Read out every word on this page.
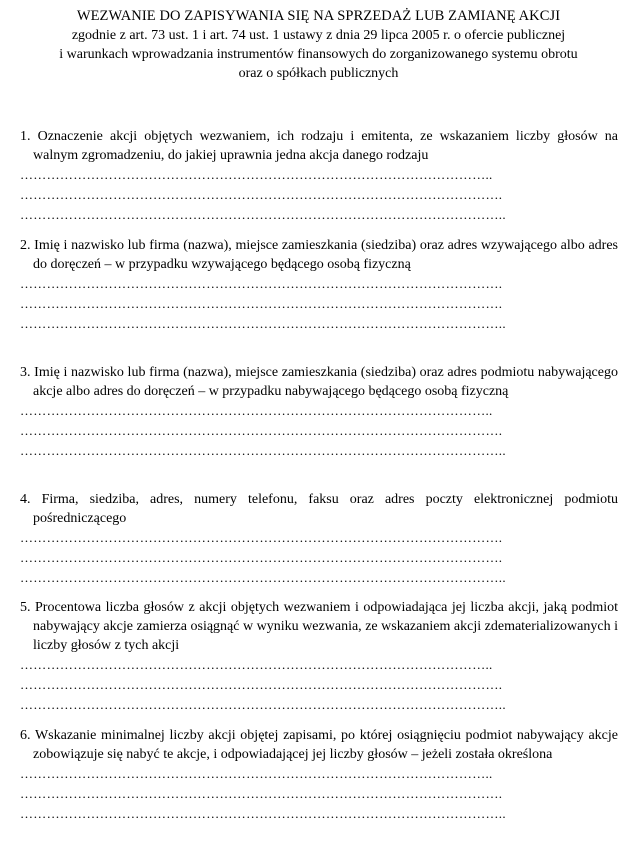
WEZWANIE DO ZAPISYWANIA SIĘ NA SPRZEDAŻ LUB ZAMIANĘ AKCJI
zgodnie z art. 73 ust. 1 i art. 74 ust. 1 ustawy z dnia 29 lipca 2005 r. o ofercie publicznej
i warunkach wprowadzania instrumentów finansowych do zorganizowanego systemu obrotu
oraz o spółkach publicznych
1. Oznaczenie akcji objętych wezwaniem, ich rodzaju i emitenta, ze wskazaniem liczby głosów na walnym zgromadzeniu, do jakiej uprawnia jedna akcja danego rodzaju
……………………………………………………………………………………………..
……………………………………………………………………………………………….
………………………………………………………………………………………………..
2. Imię i nazwisko lub firma (nazwa), miejsce zamieszkania (siedziba) oraz adres wzywającego albo adres do doręczeń – w przypadku wzywającego będącego osobą fizyczną
……………………………………………………………………………………………….
……………………………………………………………………………………………….
………………………………………………………………………………………………..
3. Imię i nazwisko lub firma (nazwa), miejsce zamieszkania (siedziba) oraz adres podmiotu nabywającego akcje albo adres do doręczeń – w przypadku nabywającego będącego osobą fizyczną
……………………………………………………………………………………………..
……………………………………………………………………………………………….
………………………………………………………………………………………………..
4. Firma, siedziba, adres, numery telefonu, faksu oraz adres poczty elektronicznej podmiotu pośredniczącego
……………………………………………………………………………………………….
……………………………………………………………………………………………….
………………………………………………………………………………………………..
5. Procentowa liczba głosów z akcji objętych wezwaniem i odpowiadająca jej liczba akcji, jaką podmiot nabywający akcje zamierza osiągnąć w wyniku wezwania, ze wskazaniem akcji zdematerializowanych i liczby głosów z tych akcji
……………………………………………………………………………………………..
……………………………………………………………………………………………….
………………………………………………………………………………………………..
6. Wskazanie minimalnej liczby akcji objętej zapisami, po której osiągnięciu podmiot nabywający akcje zobowiązuje się nabyć te akcje, i odpowiadającej jej liczby głosów – jeżeli została określona
……………………………………………………………………………………………..
……………………………………………………………………………………………….
………………………………………………………………………………………………..
